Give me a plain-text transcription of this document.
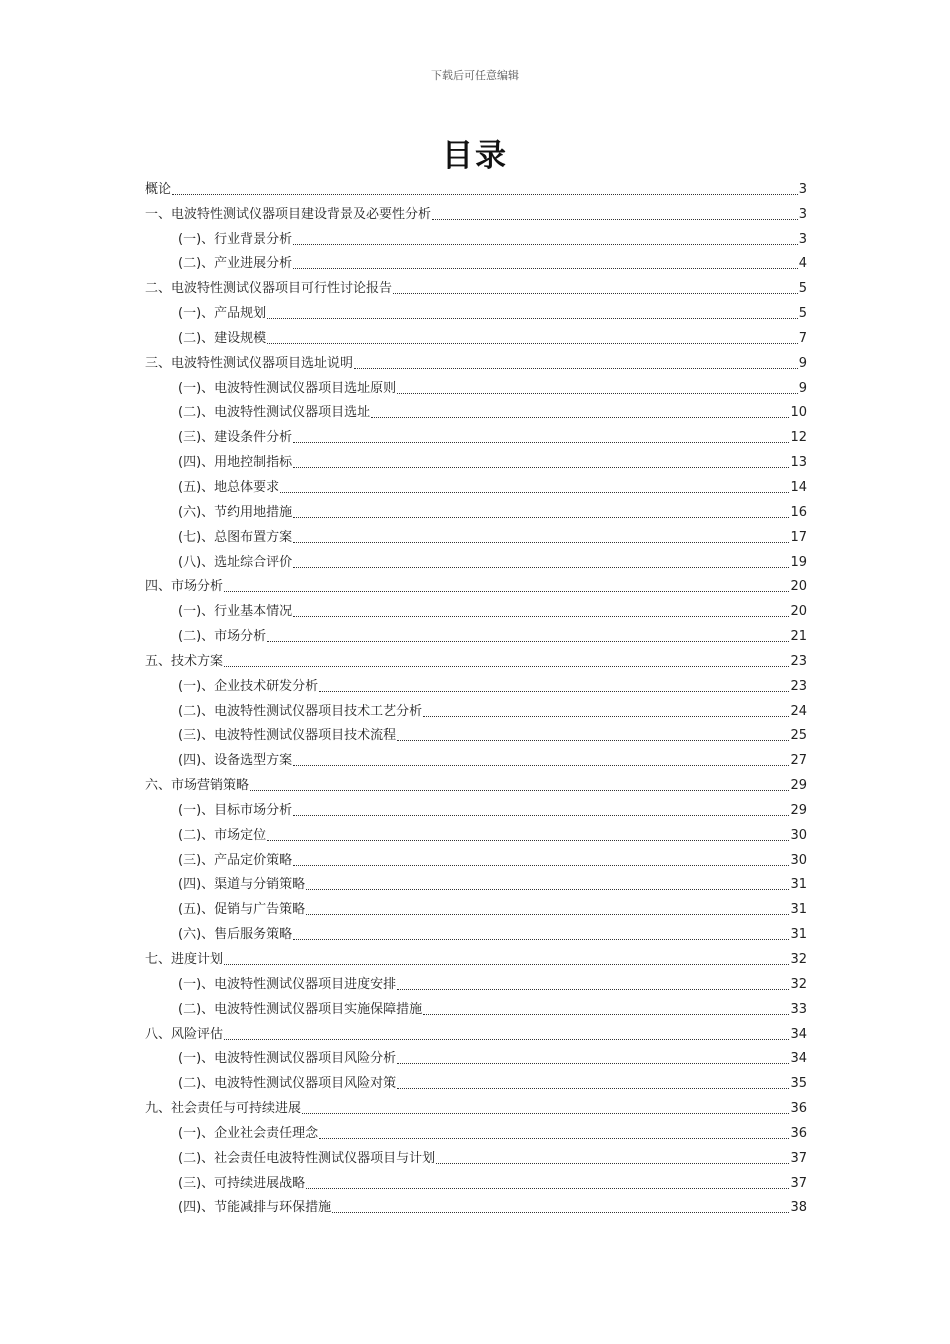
下载后可任意编辑
目录
概论	3
一、电波特性测试仪器项目建设背景及必要性分析	3
(一)、行业背景分析	3
(二)、产业进展分析	4
二、电波特性测试仪器项目可行性讨论报告	5
(一)、产品规划	5
(二)、建设规模	7
三、电波特性测试仪器项目选址说明	9
(一)、电波特性测试仪器项目选址原则	9
(二)、电波特性测试仪器项目选址	10
(三)、建设条件分析	12
(四)、用地控制指标	13
(五)、地总体要求	14
(六)、节约用地措施	16
(七)、总图布置方案	17
(八)、选址综合评价	19
四、市场分析	20
(一)、行业基本情况	20
(二)、市场分析	21
五、技术方案	23
(一)、企业技术研发分析	23
(二)、电波特性测试仪器项目技术工艺分析	24
(三)、电波特性测试仪器项目技术流程	25
(四)、设备选型方案	27
六、市场营销策略	29
(一)、目标市场分析	29
(二)、市场定位	30
(三)、产品定价策略	30
(四)、渠道与分销策略	31
(五)、促销与广告策略	31
(六)、售后服务策略	31
七、进度计划	32
(一)、电波特性测试仪器项目进度安排	32
(二)、电波特性测试仪器项目实施保障措施	33
八、风险评估	34
(一)、电波特性测试仪器项目风险分析	34
(二)、电波特性测试仪器项目风险对策	35
九、社会责任与可持续进展	36
(一)、企业社会责任理念	36
(二)、社会责任电波特性测试仪器项目与计划	37
(三)、可持续进展战略	37
(四)、节能减排与环保措施	38
